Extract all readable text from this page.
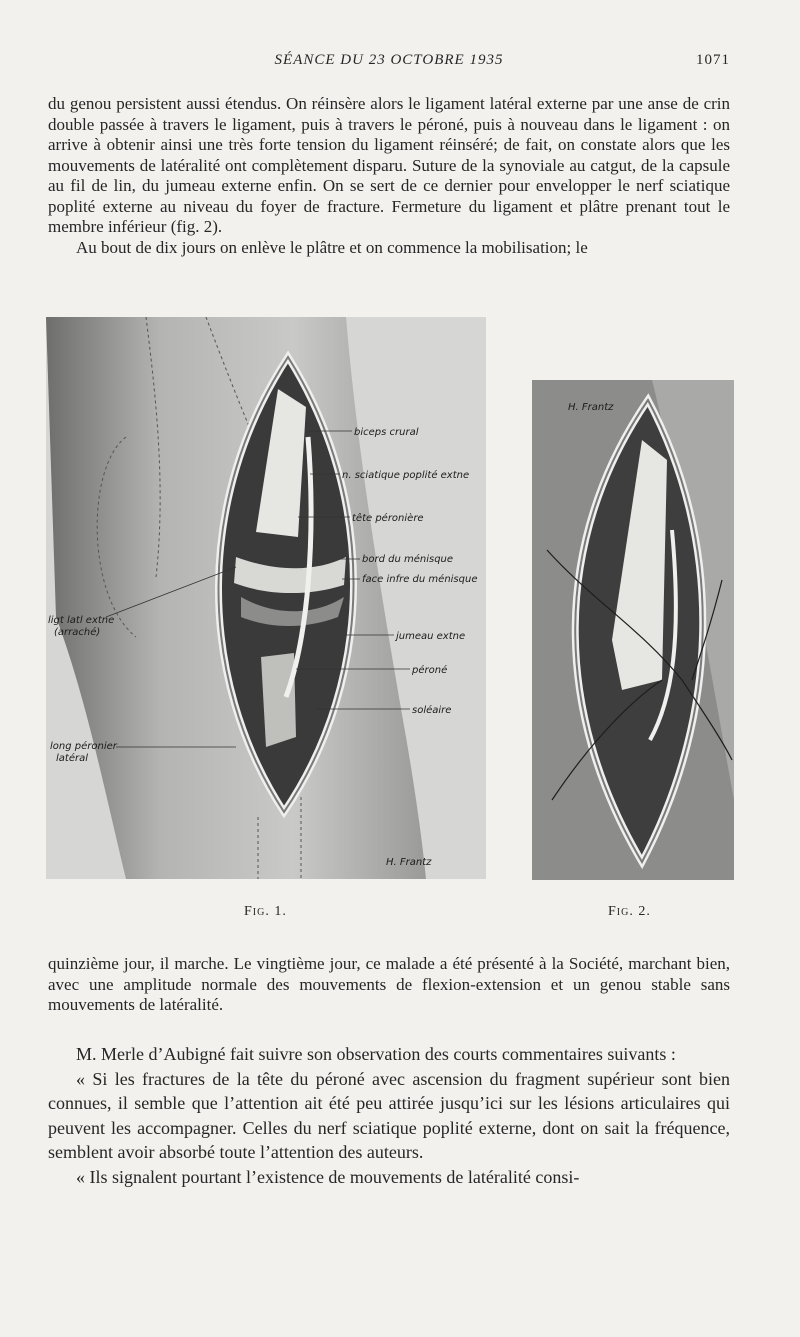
SÉANCE DU 23 OCTOBRE 1935	1071

du genou persistent aussi étendus. On réinsère alors le ligament latéral externe par une anse de crin double passée à travers le ligament, puis à travers le péroné, puis à nouveau dans le ligament : on arrive à obtenir ainsi une très forte tension du ligament réinséré; de fait, on constate alors que les mouvements de latéralité ont complètement disparu. Suture de la synoviale au catgut, de la capsule au fil de lin, du jumeau externe enfin. On se sert de ce dernier pour envelopper le nerf sciatique poplité externe au niveau du foyer de fracture. Fermeture du ligament et plâtre prenant tout le membre inférieur (fig. 2).

Au bout de dix jours on enlève le plâtre et on commence la mobilisation; le

biceps crural
n. sciatique poplité extne
tête péronière
bord du ménisque
face infre du ménisque
jumeau extne
péroné
soléaire
ligt latl extne
(arraché)
long péronier
latéral
H. Frantz
H. Frantz
Fig. 1.	Fig. 2.

quinzième jour, il marche. Le vingtième jour, ce malade a été présenté à la Société, marchant bien, avec une amplitude normale des mouvements de flexion-extension et un genou stable sans mouvements de latéralité.

M. Merle d’Aubigné fait suivre son observation des courts commentaires suivants :

« Si les fractures de la tête du péroné avec ascension du fragment supérieur sont bien connues, il semble que l’attention ait été peu attirée jusqu’ici sur les lésions articulaires qui peuvent les accompagner. Celles du nerf sciatique poplité externe, dont on sait la fréquence, semblent avoir absorbé toute l’attention des auteurs.

« Ils signalent pourtant l’existence de mouvements de latéralité consi-
